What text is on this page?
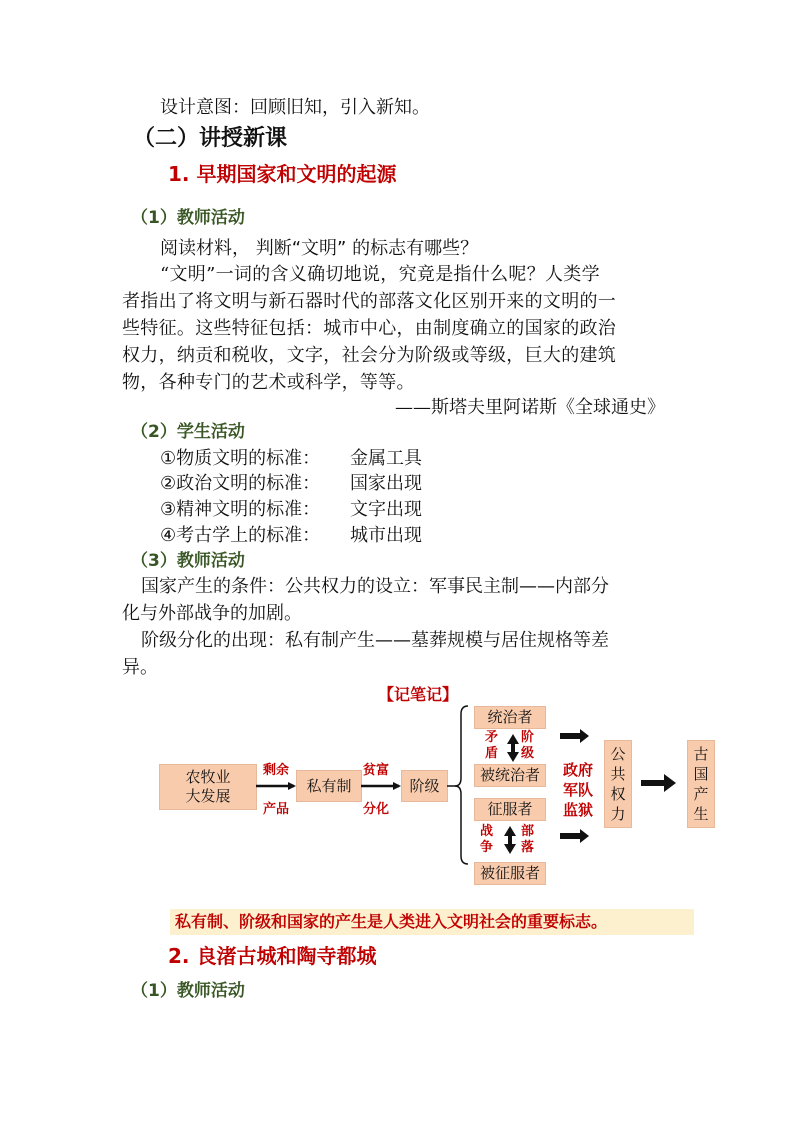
设计意图：回顾旧知，引入新知。
（二）讲授新课
1. 早期国家和文明的起源
（1）教师活动
阅读材料， 判断“文明” 的标志有哪些？
“文明”一词的含义确切地说，究竟是指什么呢？人类学
者指出了将文明与新石器时代的部落文化区别开来的文明的一
些特征。这些特征包括：城市中心，由制度确立的国家的政治
权力，纳贡和税收，文字，社会分为阶级或等级，巨大的建筑
物，各种专门的艺术或科学，等等。
——斯塔夫里阿诺斯《全球通史》
（2）学生活动
①物质文明的标准： 金属工具
②政治文明的标准： 国家出现
③精神文明的标准： 文字出现
④考古学上的标准： 城市出现
（3）教师活动
国家产生的条件：公共权力的设立：军事民主制——内部分
化与外部战争的加剧。
阶级分化的出现：私有制产生——墓葬规模与居住规格等差
异。
【记笔记】
农牧业
大发展
剩余
产品
私有制
贫富
分化
阶级
统治者
被统治者
征服者
被征服者
矛
盾
阶
级
战
争
部
落
政府
军队
监狱
公
共
权
力
古
国
产
生
私有制、阶级和国家的产生是人类进入文明社会的重要标志。
2. 良渚古城和陶寺都城
（1）教师活动
